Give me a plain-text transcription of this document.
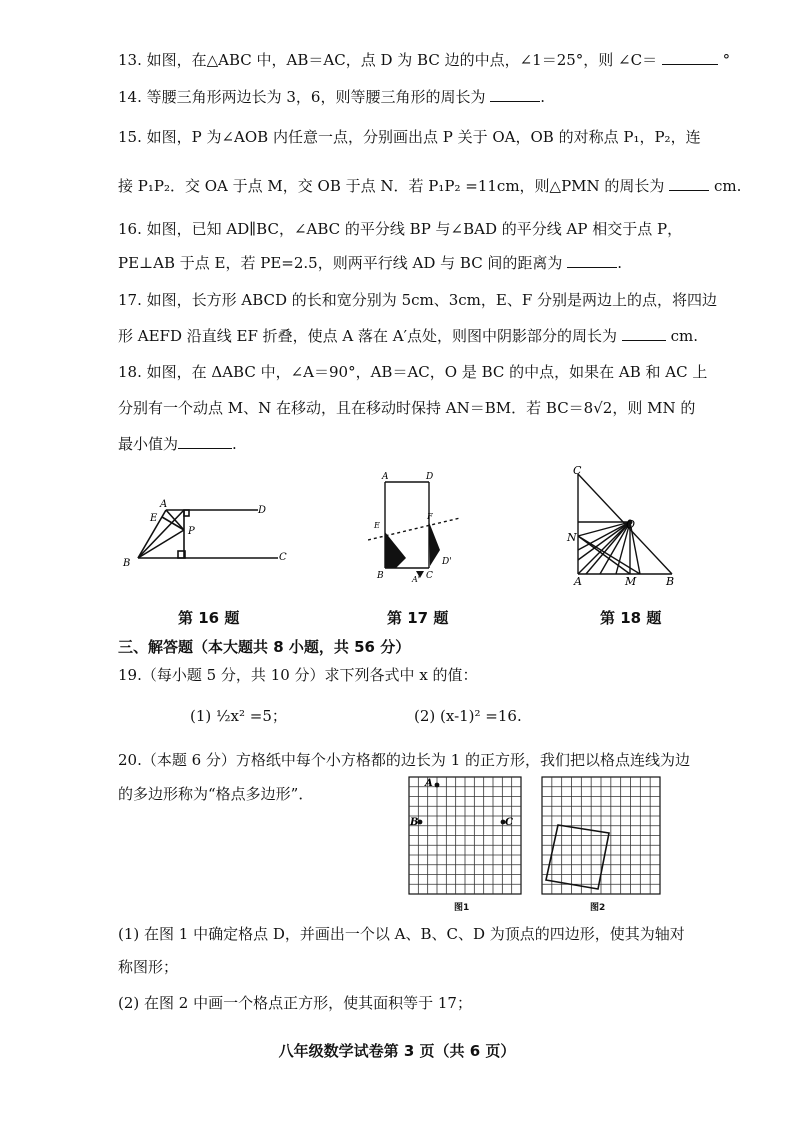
13. 如图，在△ABC 中，AB＝AC，点 D 为 BC 边的中点，∠1＝25°，则 ∠C＝	°
14. 等腰三角形两边长为 3，6，则等腰三角形的周长为	.
15. 如图，P 为∠AOB 内任意一点，分别画出点 P 关于 OA，OB 的对称点 P₁，P₂，连
接 P₁P₂．交 OA 于点 M，交 OB 于点 N．若 P₁P₂ =11cm，则△PMN 的周长为	cm.
16. 如图，已知 AD∥BC，∠ABC 的平分线 BP 与∠BAD 的平分线 AP 相交于点 P，
PE⊥AB 于点 E，若 PE=2.5，则两平行线 AD 与 BC 间的距离为	.
17. 如图，长方形 ABCD 的长和宽分别为 5cm、3cm，E、F 分别是两边上的点，将四边
形 AEFD 沿直线 EF 折叠，使点 A 落在 A′点处，则图中阴影部分的周长为	cm.
18. 如图，在 ΔABC 中，∠A＝90°，AB＝AC，O 是 BC 的中点，如果在 AB 和 AC 上
分别有一个动点 M、N 在移动，且在移动时保持 AN＝BM．若 BC＝8√2，则 MN 的
最小值为	.
A
D
E
P
B
C
第 16 题
A	D
E
F
B	C
A'
D'
第 17 题
C
O
N
A	M	B
第 18 题
三、解答题（本大题共 8 小题，共 56 分）
19.（每小题 5 分，共 10 分）求下列各式中 x 的值：
(1) ½x² =5；	(2) (x-1)² =16.
20.（本题 6 分）方格纸中每个小方格都的边长为 1 的正方形，我们把以格点连线为边
的多边形称为“格点多边形”．
A
B	C
图1	图2
(1) 在图 1 中确定格点 D，并画出一个以 A、B、C、D 为顶点的四边形，使其为轴对
称图形；
(2) 在图 2 中画一个格点正方形，使其面积等于 17；
八年级数学试卷第 3 页（共 6 页）
